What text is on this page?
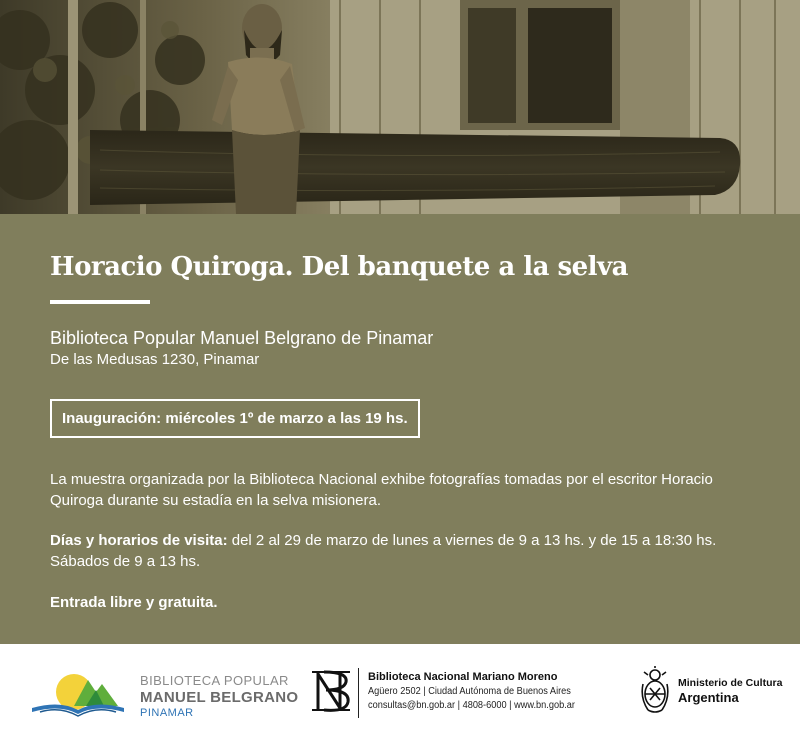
Horacio Quiroga. Del banquete a la selva
Biblioteca Popular Manuel Belgrano de Pinamar
De las Medusas 1230, Pinamar
Inauguración: miércoles 1º de marzo a las 19 hs.

La muestra organizada por la Biblioteca Nacional exhibe fotografías tomadas por el escritor Horacio Quiroga durante su estadía en la selva misionera.

Días y horarios de visita: del 2 al 29 de marzo de lunes a viernes de 9 a 13 hs. y de 15 a 18:30 hs. Sábados de 9 a 13 hs.

Entrada libre y gratuita.

BIBLIOTECA POPULAR
MANUEL BELGRANO
PINAMAR
Biblioteca Nacional Mariano Moreno
Agüero 2502 | Ciudad Autónoma de Buenos Aires
consultas@bn.gob.ar | 4808-6000 | www.bn.gob.ar
Ministerio de Cultura
Argentina
